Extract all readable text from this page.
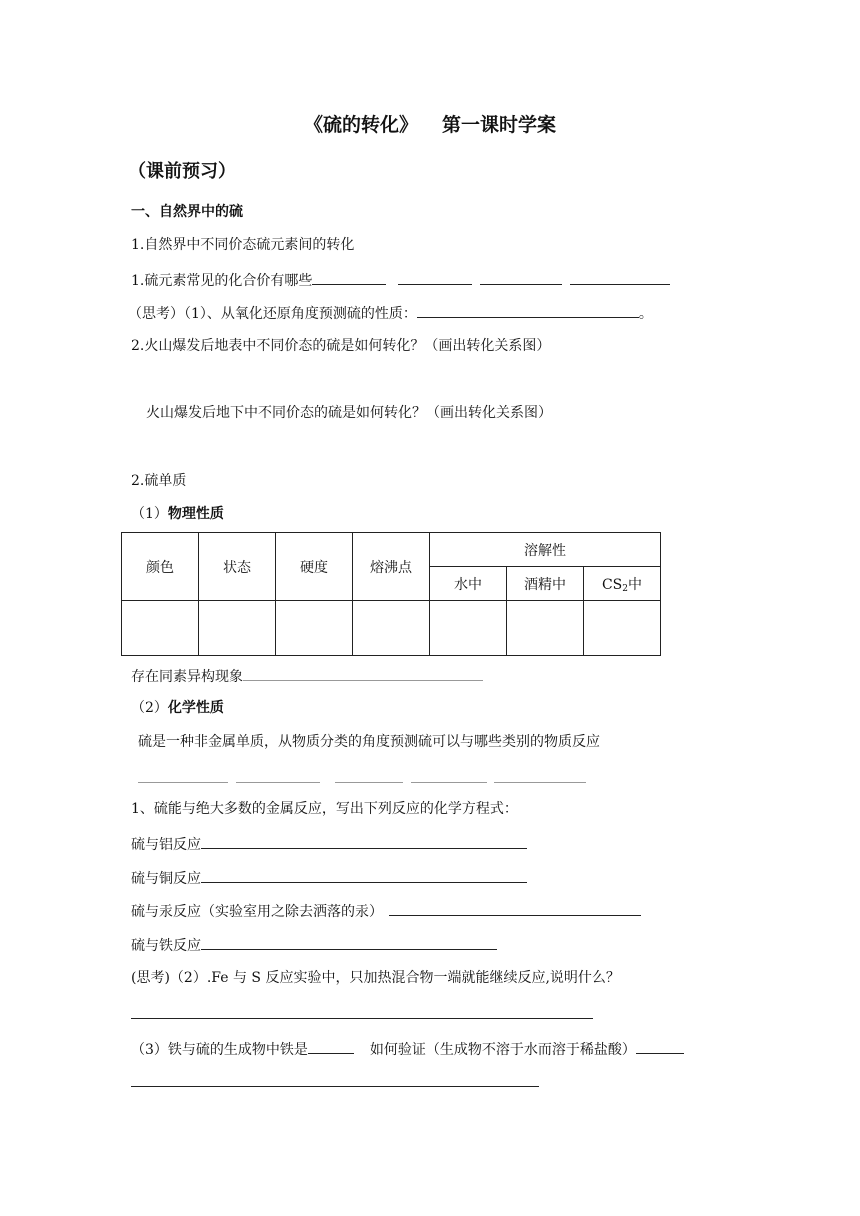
《硫的转化》 第一课时学案
（课前预习）
一、自然界中的硫
1.自然界中不同价态硫元素间的转化
1.硫元素常见的化合价有哪些
（思考）（1）、从氧化还原角度预测硫的性质：	。
2.火山爆发后地表中不同价态的硫是如何转化？（画出转化关系图）
火山爆发后地下中不同价态的硫是如何转化？（画出转化关系图）
2.硫单质
（1）物理性质
颜色	状态	硬度	熔沸点	溶解性		
				水中	酒精中	$CS_2$中

存在同素异构现象
（2）化学性质
硫是一种非金属单质，从物质分类的角度预测硫可以与哪些类别的物质反应
1、硫能与绝大多数的金属反应，写出下列反应的化学方程式：
硫与铝反应
硫与铜反应
硫与汞反应（实验室用之除去洒落的汞）
硫与铁反应
(思考)（2）.Fe 与 S 反应实验中，只加热混合物一端就能继续反应,说明什么？
（3）铁与硫的生成物中铁是	如何验证（生成物不溶于水而溶于稀盐酸）
